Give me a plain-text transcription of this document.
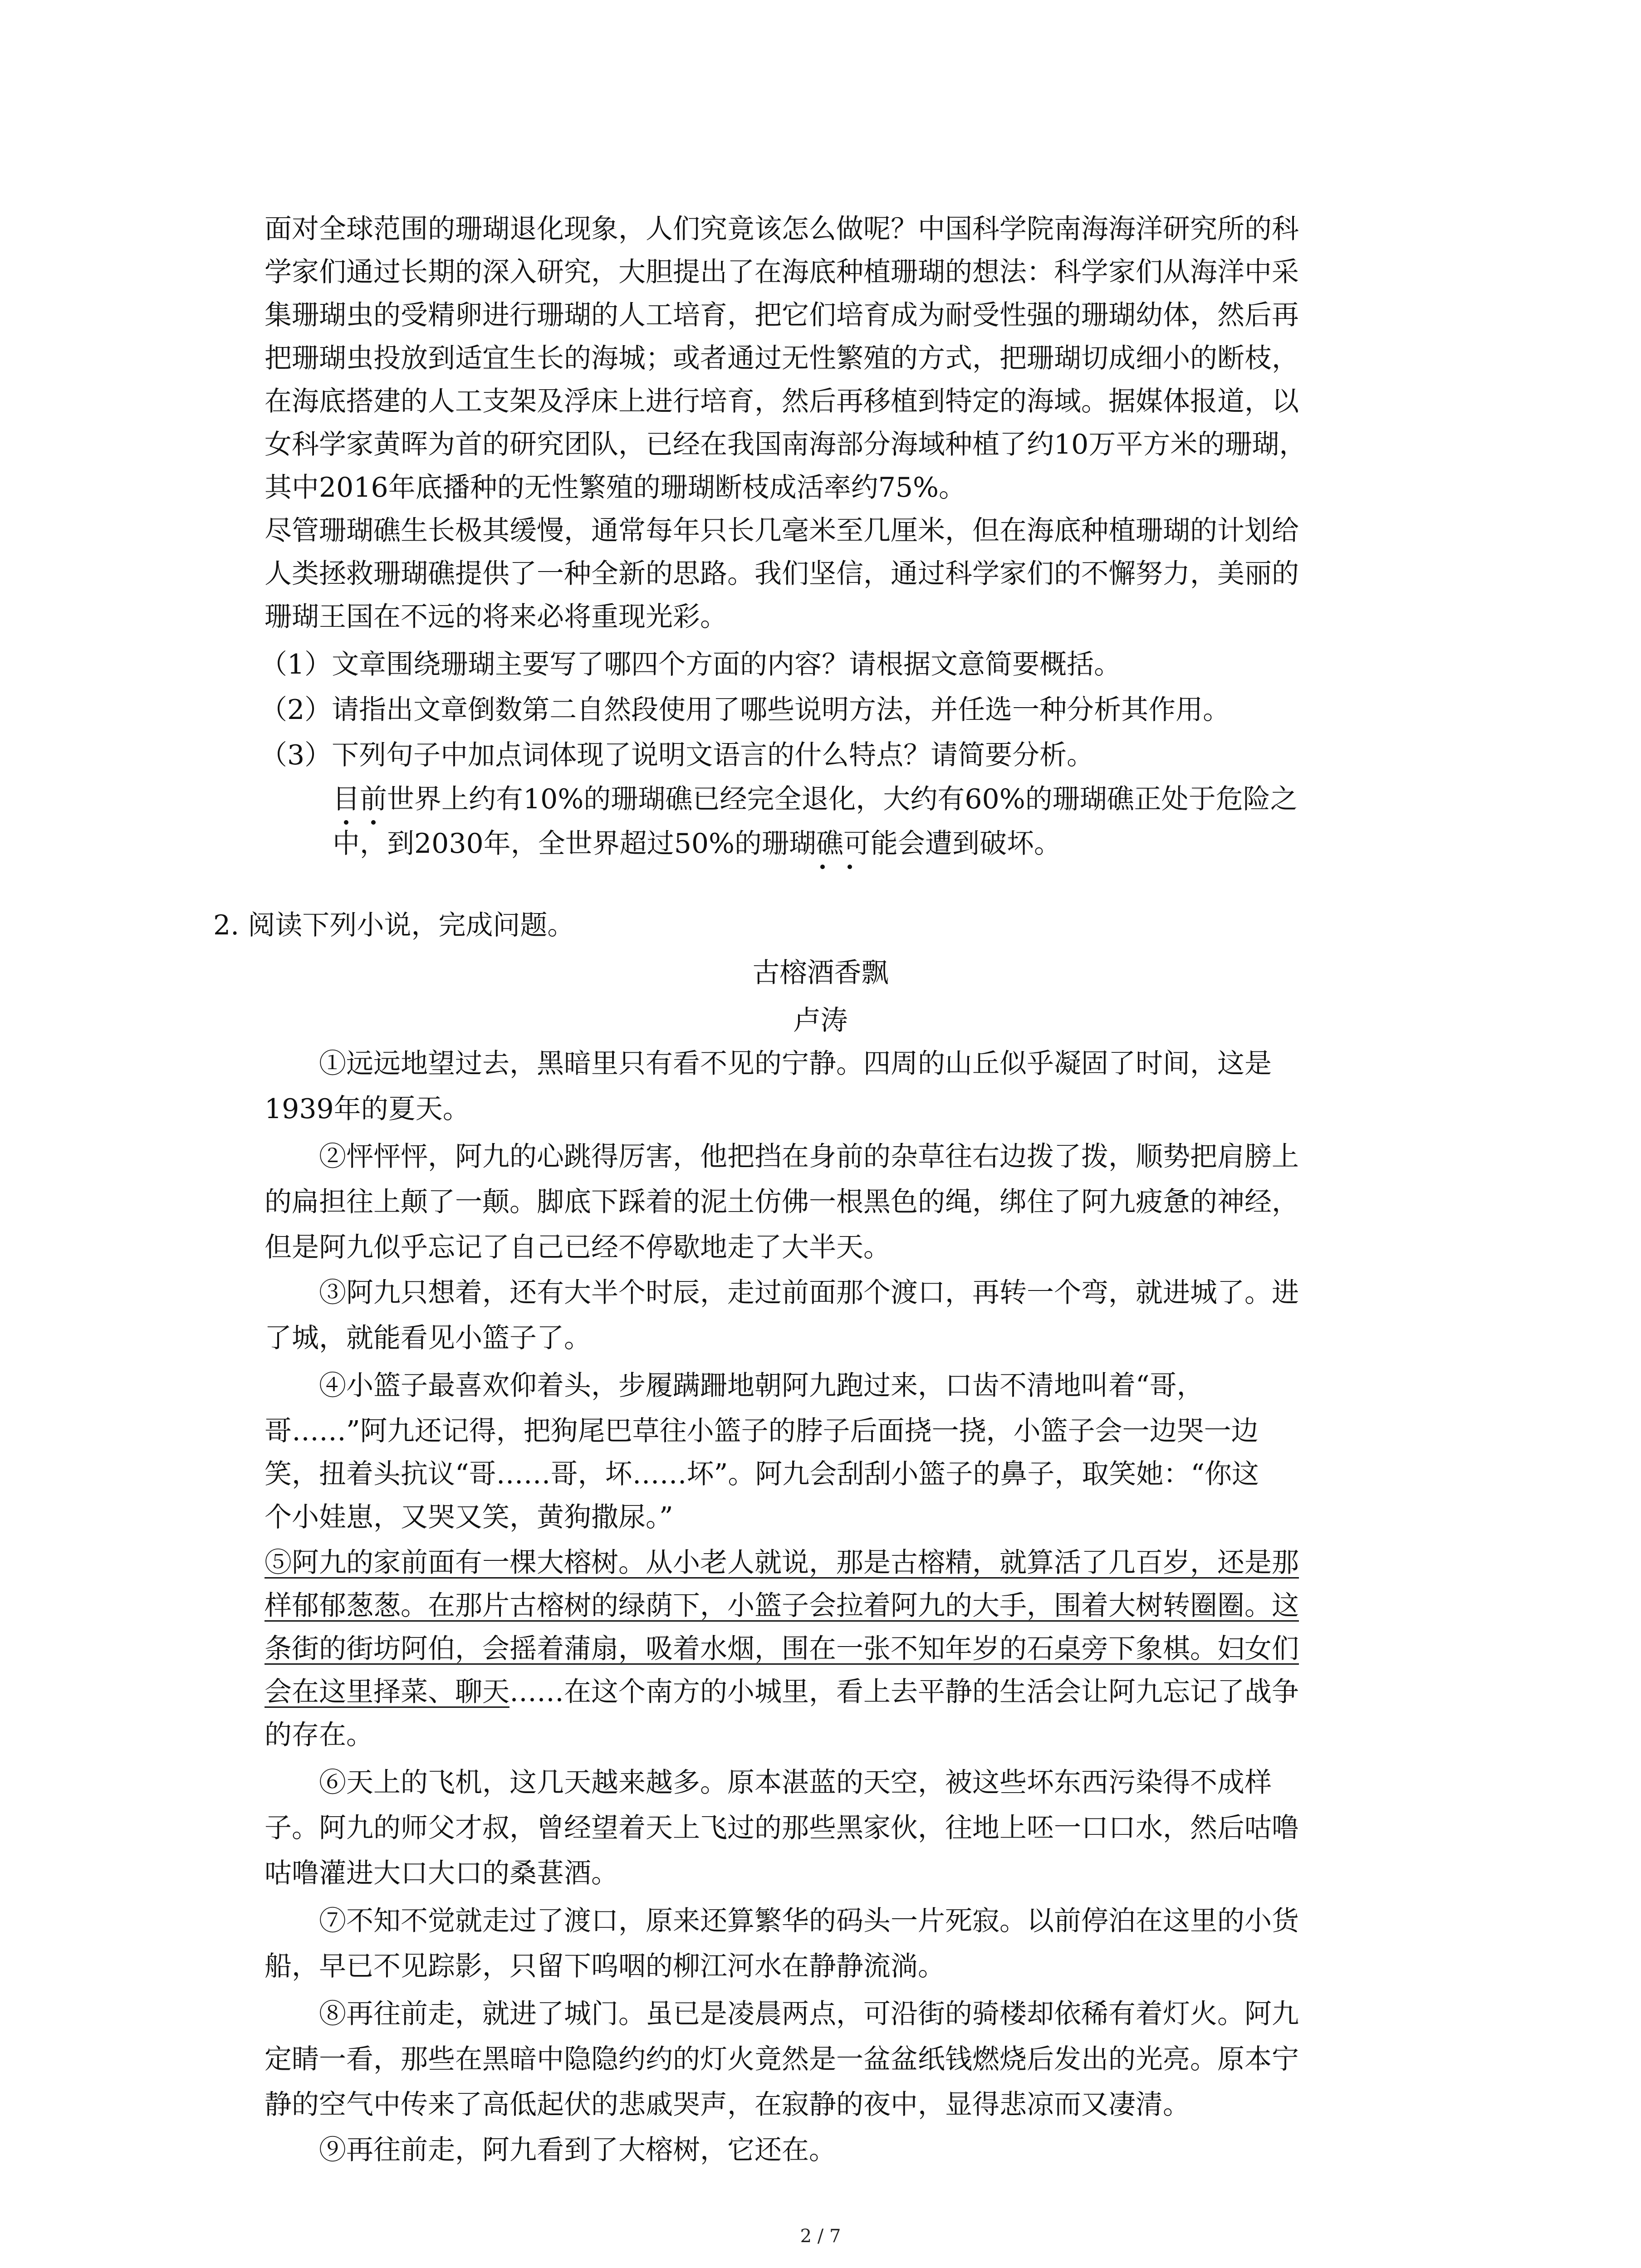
面对全球范围的珊瑚退化现象，人们究竟该怎么做呢？中国科学院南海海洋研究所的科
学家们通过长期的深入研究，大胆提出了在海底种植珊瑚的想法：科学家们从海洋中采
集珊瑚虫的受精卵进行珊瑚的人工培育，把它们培育成为耐受性强的珊瑚幼体，然后再
把珊瑚虫投放到适宜生长的海城；或者通过无性繁殖的方式，把珊瑚切成细小的断枝，
在海底搭建的人工支架及浮床上进行培育，然后再移植到特定的海域。据媒体报道，以
女科学家黄晖为首的研究团队，已经在我国南海部分海域种植了约10万平方米的珊瑚，
其中2016年底播种的无性繁殖的珊瑚断枝成活率约75%。
尽管珊瑚礁生长极其缓慢，通常每年只长几毫米至几厘米，但在海底种植珊瑚的计划给
人类拯救珊瑚礁提供了一种全新的思路。我们坚信，通过科学家们的不懈努力，美丽的
珊瑚王国在不远的将来必将重现光彩。
（1）文章围绕珊瑚主要写了哪四个方面的内容？请根据文意简要概括。
（2）请指出文章倒数第二自然段使用了哪些说明方法，并任选一种分析其作用。
（3）下列句子中加点词体现了说明文语言的什么特点？请简要分析。
目前世界上约有10%的珊瑚礁已经完全退化，大约有60%的珊瑚礁正处于危险之
中，到2030年，全世界超过50%的珊瑚礁可能会遭到破坏。
2. 阅读下列小说，完成问题。
古榕酒香飘
卢涛
①远远地望过去，黑暗里只有看不见的宁静。四周的山丘似乎凝固了时间，这是
1939年的夏天。
②怦怦怦，阿九的心跳得厉害，他把挡在身前的杂草往右边拨了拨，顺势把肩膀上
的扁担往上颠了一颠。脚底下踩着的泥土仿佛一根黑色的绳，绑住了阿九疲惫的神经，
但是阿九似乎忘记了自己已经不停歇地走了大半天。
③阿九只想着，还有大半个时辰，走过前面那个渡口，再转一个弯，就进城了。进
了城，就能看见小篮子了。
④小篮子最喜欢仰着头，步履蹒跚地朝阿九跑过来，口齿不清地叫着“哥，
哥……”阿九还记得，把狗尾巴草往小篮子的脖子后面挠一挠，小篮子会一边哭一边
笑，扭着头抗议“哥……哥，坏……坏”。阿九会刮刮小篮子的鼻子，取笑她：“你这
个小娃崽，又哭又笑，黄狗撒尿。”
⑤阿九的家前面有一棵大榕树。从小老人就说，那是古榕精，就算活了几百岁，还是那
样郁郁葱葱。在那片古榕树的绿荫下，小篮子会拉着阿九的大手，围着大树转圈圈。这
条街的街坊阿伯，会摇着蒲扇，吸着水烟，围在一张不知年岁的石桌旁下象棋。妇女们
会在这里择菜、聊天……在这个南方的小城里，看上去平静的生活会让阿九忘记了战争
的存在。
⑥天上的飞机，这几天越来越多。原本湛蓝的天空，被这些坏东西污染得不成样
子。阿九的师父才叔，曾经望着天上飞过的那些黑家伙，往地上呸一口口水，然后咕噜
咕噜灌进大口大口的桑葚酒。
⑦不知不觉就走过了渡口，原来还算繁华的码头一片死寂。以前停泊在这里的小货
船，早已不见踪影，只留下呜咽的柳江河水在静静流淌。
⑧再往前走，就进了城门。虽已是凌晨两点，可沿街的骑楼却依稀有着灯火。阿九
定睛一看，那些在黑暗中隐隐约约的灯火竟然是一盆盆纸钱燃烧后发出的光亮。原本宁
静的空气中传来了高低起伏的悲戚哭声，在寂静的夜中，显得悲凉而又凄清。
⑨再往前走，阿九看到了大榕树，它还在。
2 / 7
